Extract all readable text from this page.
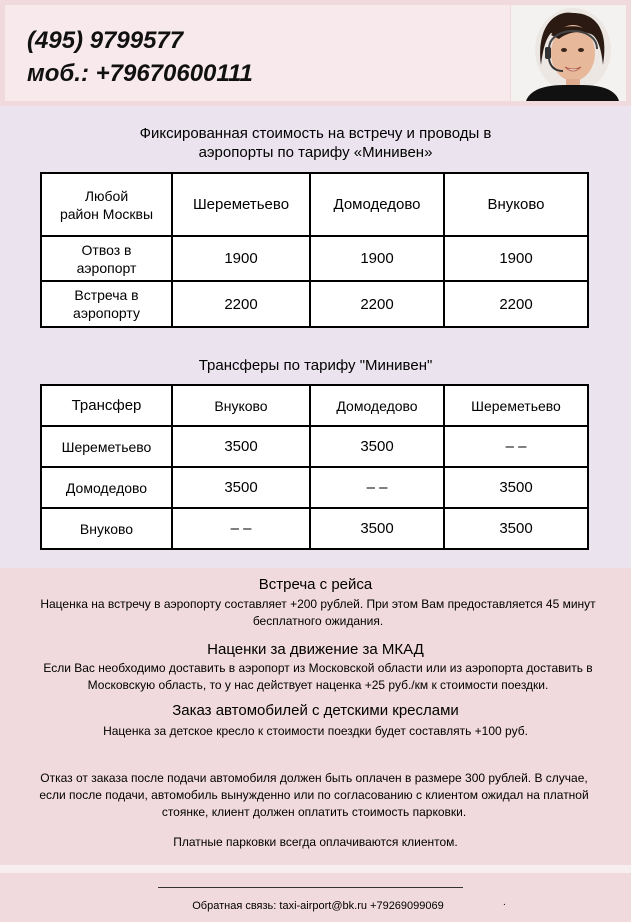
(495) 9799577
моб.: +79670600111
Фиксированная стоимость на встречу и проводы в
аэропорты по тарифу «Минивен»
Любой
район Москвы	Шереметьево	Домодедово	Внуково
Отвоз в
аэропорт	1900	1900	1900
Встреча в
аэропорту	2200	2200	2200
Трансферы по тарифу "Минивен"
Трансфер	Внуково	Домодедово	Шереметьево
Шереметьево	3500	3500	– –
Домодедово	3500	– –	3500
Внуково	– –	3500	3500
Встреча с рейса
Наценка на встречу в аэропорту составляет +200 рублей. При этом Вам предоставляется 45 минут бесплатного ожидания.
Наценки за движение за МКАД
Если Вас необходимо доставить в аэропорт из Московской области или из аэропорта доставить в Московскую область, то у нас действует наценка +25 руб./км к стоимости поездки.
Заказ автомобилей с детскими креслами
Наценка за детское кресло к стоимости поездки будет составлять +100 руб.
Отказ от заказа после подачи автомобиля должен быть оплачен в размере 300 рублей. В случае, если после подачи, автомобиль вынужденно или по согласованию с клиентом ожидал на платной стоянке, клиент должен оплатить стоимость парковки.
Платные парковки всегда оплачиваются клиентом.
Обратная связь: taxi-airport@bk.ru +79269099069	.
